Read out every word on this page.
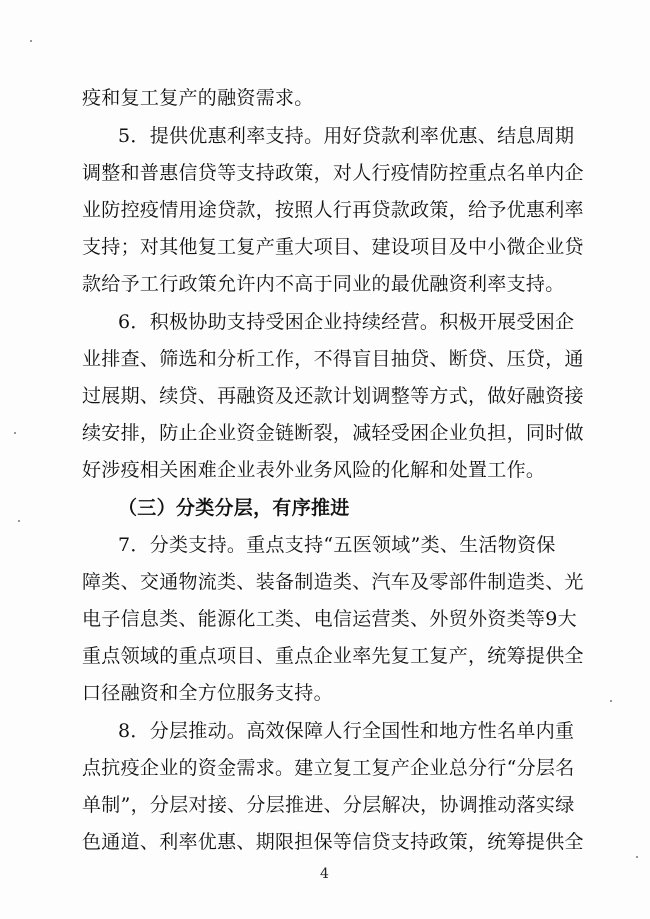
疫和复工复产的融资需求。
5．提供优惠利率支持。用好贷款利率优惠、结息周期
调整和普惠信贷等支持政策，对人行疫情防控重点名单内企
业防控疫情用途贷款，按照人行再贷款政策，给予优惠利率
支持；对其他复工复产重大项目、建设项目及中小微企业贷
款给予工行政策允许内不高于同业的最优融资利率支持。
6．积极协助支持受困企业持续经营。积极开展受困企
业排查、筛选和分析工作，不得盲目抽贷、断贷、压贷，通
过展期、续贷、再融资及还款计划调整等方式，做好融资接
续安排，防止企业资金链断裂，减轻受困企业负担，同时做
好涉疫相关困难企业表外业务风险的化解和处置工作。
（三）分类分层，有序推进
7．分类支持。重点支持“五医领域”类、生活物资保
障类、交通物流类、装备制造类、汽车及零部件制造类、光
电子信息类、能源化工类、电信运营类、外贸外资类等9大
重点领域的重点项目、重点企业率先复工复产，统筹提供全
口径融资和全方位服务支持。
8．分层推动。高效保障人行全国性和地方性名单内重
点抗疫企业的资金需求。建立复工复产企业总分行“分层名
单制”，分层对接、分层推进、分层解决，协调推动落实绿
色通道、利率优惠、期限担保等信贷支持政策，统筹提供全
4
